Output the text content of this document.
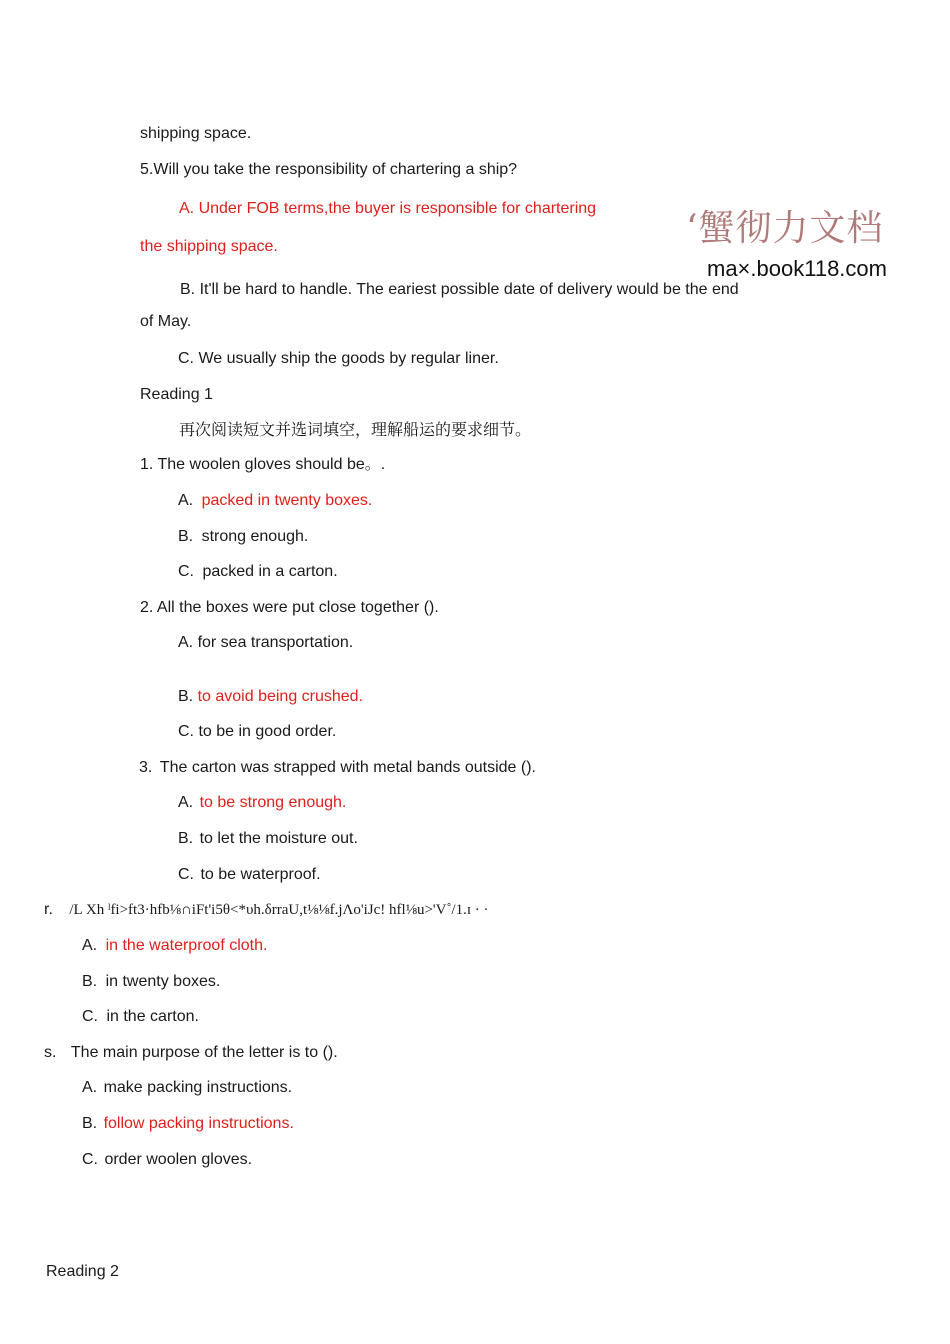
‘蟹彻力文档
ma×.book118.com
shipping space.
5.Will you take the responsibility of chartering a ship?
A. Under FOB terms,the buyer is responsible for chartering
the shipping space.
B. It'll be hard to handle. The eariest possible date of delivery would be the end
of May.
C. We usually ship the goods by regular liner.
Reading 1
再次阅读短文并选词填空，理解船运的要求细节。
1. The woolen gloves should be。.
A. packed in twenty boxes.
B. strong enough.
C. packed in a carton.
2. All the boxes were put close together ().
A. for sea transportation.
B. to avoid being crushed.
C. to be in good order.
3. The carton was strapped with metal bands outside ().
A. to be strong enough.
B. to let the moisture out.
C. to be waterproof.
r. /L Xh ˡfi>ft3·hfb⅛∩iFt'i5θ<*υh.δrraU,t⅛⅛f.jΛo'iJc! hfl⅛u>'V˚/1.ɪ · ·
A. in the waterproof cloth.
B. in twenty boxes.
C. in the carton.
s. The main purpose of the letter is to ().
A. make packing instructions.
B. follow packing instructions.
C. order woolen gloves.
Reading 2
